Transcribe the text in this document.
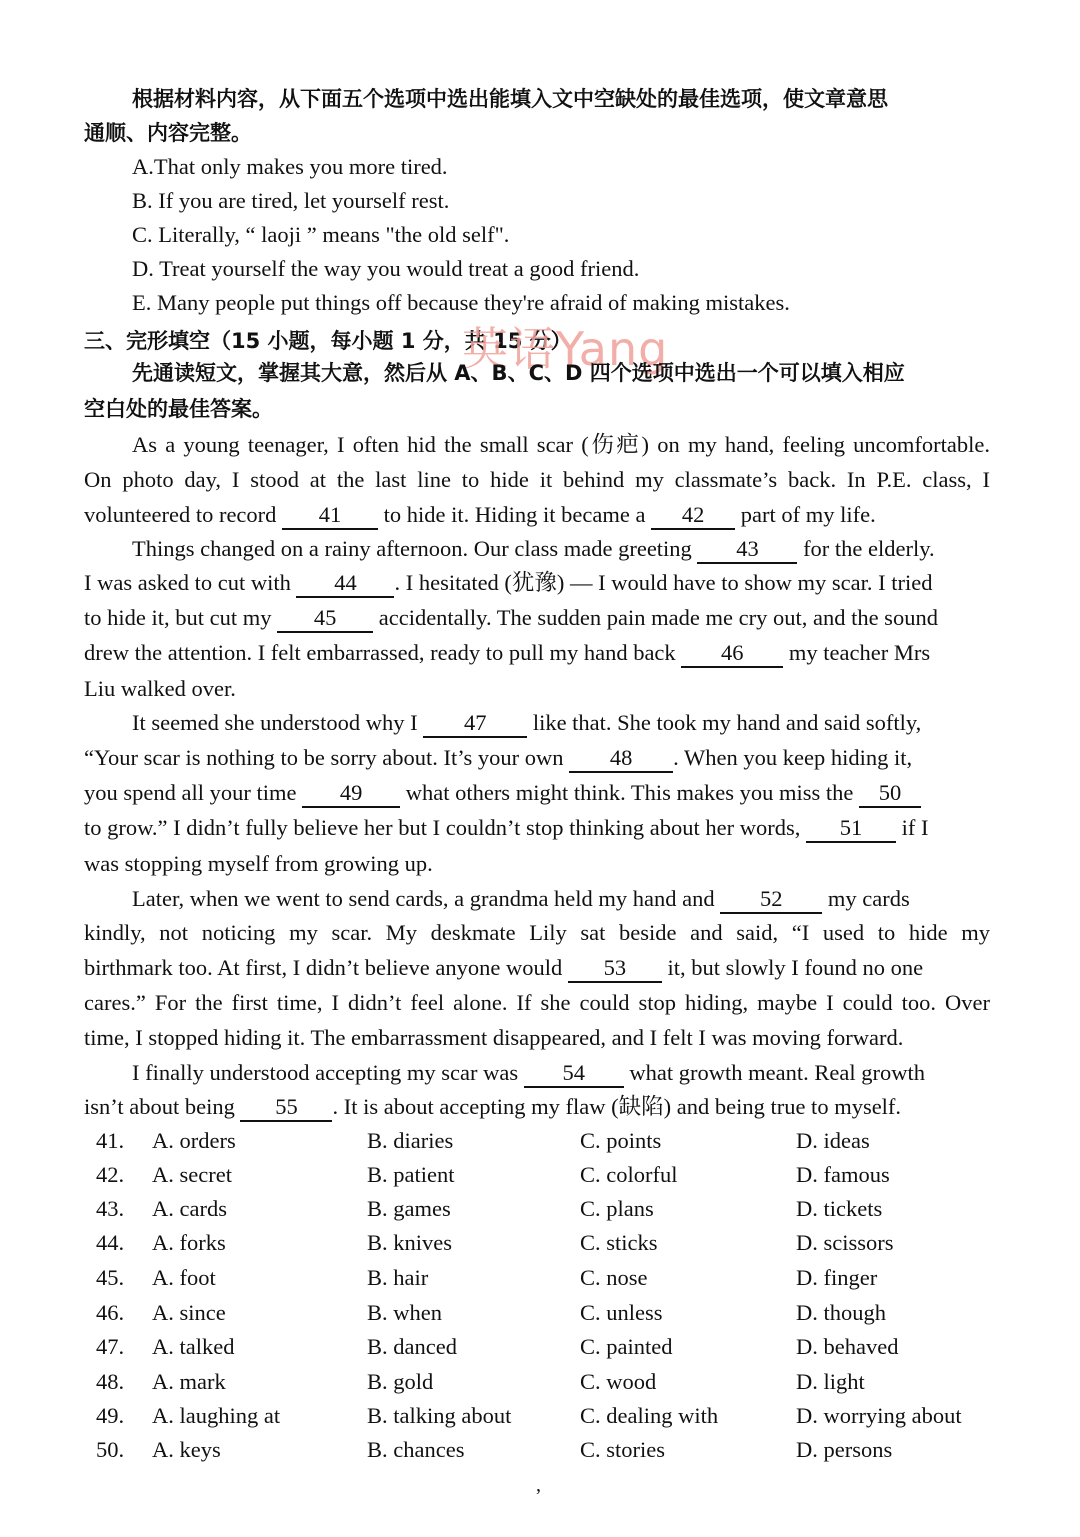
根据材料内容，从下面五个选项中选出能填入文中空缺处的最佳选项，使文章意思
通顺、内容完整。
A.That only makes you more tired.
B. If you are tired, let yourself rest.
C. Literally, “ laoji ” means "the old self".
D. Treat yourself the way you would treat a good friend.
E. Many people put things off because they're afraid of making mistakes.
三、完形填空（15 小题，每小题 1 分，共 15 分）
英语Yang
先通读短文，掌握其大意，然后从 A、B、C、D 四个选项中选出一个可以填入相应
空白处的最佳答案。
As a young teenager, I often hid the small scar (伤疤) on my hand, feeling uncomfortable.
On photo day, I stood at the last line to hide it behind my classmate’s back. In P.E. class, I
volunteered to record 41 to hide it. Hiding it became a 42 part of my life.
Things changed on a rainy afternoon. Our class made greeting 43 for the elderly.
I was asked to cut with 44 . I hesitated (犹豫) — I would have to show my scar. I tried
to hide it, but cut my 45 accidentally. The sudden pain made me cry out, and the sound
drew the attention. I felt embarrassed, ready to pull my hand back 46 my teacher Mrs
Liu walked over.
It seemed she understood why I 47 like that. She took my hand and said softly,
“Your scar is nothing to be sorry about. It’s your own 48 . When you keep hiding it,
you spend all your time 49 what others might think. This makes you miss the 50
to grow.” I didn’t fully believe her but I couldn’t stop thinking about her words, 51 if I
was stopping myself from growing up.
Later, when we went to send cards, a grandma held my hand and 52 my cards
kindly, not noticing my scar. My deskmate Lily sat beside and said, “I used to hide my
birthmark too. At first, I didn’t believe anyone would 53 it, but slowly I found no one
cares.” For the first time, I didn’t feel alone. If she could stop hiding, maybe I could too. Over
time, I stopped hiding it. The embarrassment disappeared, and I felt I was moving forward.
I finally understood accepting my scar was 54 what growth meant. Real growth
isn’t about being 55 . It is about accepting my flaw (缺陷) and being true to myself.
41.	A. orders	B. diaries	C. points	D. ideas
42.	A. secret	B. patient	C. colorful	D. famous
43.	A. cards	B. games	C. plans	D. tickets
44.	A. forks	B. knives	C. sticks	D. scissors
45.	A. foot	B. hair	C. nose	D. finger
46.	A. since	B. when	C. unless	D. though
47.	A. talked	B. danced	C. painted	D. behaved
48.	A. mark	B. gold	C. wood	D. light
49.	A. laughing at	B. talking about	C. dealing with	D. worrying about
50.	A. keys	B. chances	C. stories	D. persons
,
